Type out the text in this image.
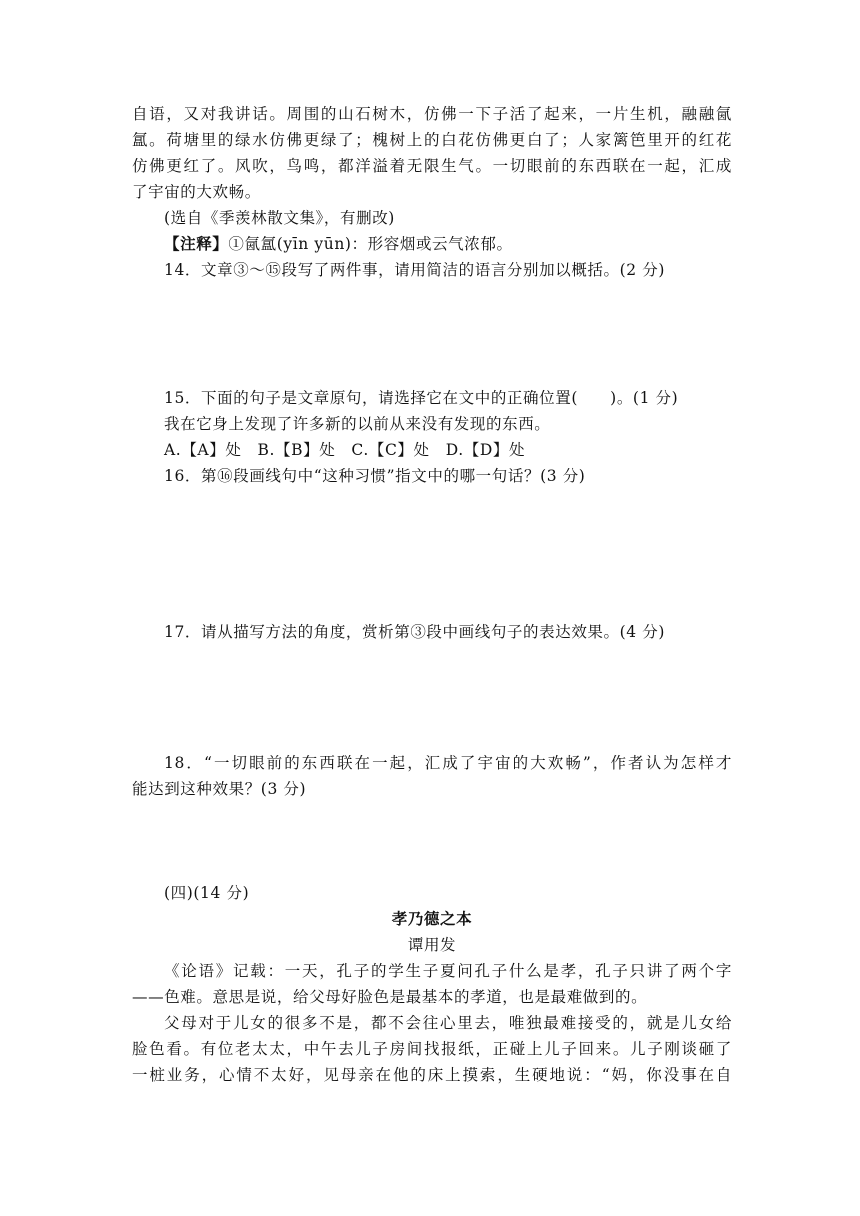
自语，又对我讲话。周围的山石树木，仿佛一下子活了起来，一片生机，融融氤
氲。荷塘里的绿水仿佛更绿了；槐树上的白花仿佛更白了；人家篱笆里开的红花
仿佛更红了。风吹，鸟鸣，都洋溢着无限生气。一切眼前的东西联在一起，汇成
了宇宙的大欢畅。
(选自《季羡林散文集》，有删改)
【注释】①氤氲(yīn yūn)：形容烟或云气浓郁。
14．文章③～⑮段写了两件事，请用简洁的语言分别加以概括。(2 分)
15．下面的句子是文章原句，请选择它在文中的正确位置(　　)。(1 分)
我在它身上发现了许多新的以前从来没有发现的东西。
A.【A】处　B.【B】处　C.【C】处　D.【D】处
16．第⑯段画线句中“这种习惯”指文中的哪一句话？(3 分)
17．请从描写方法的角度，赏析第③段中画线句子的表达效果。(4 分)
18．“一切眼前的东西联在一起，汇成了宇宙的大欢畅”，作者认为怎样才
能达到这种效果？(3 分)
(四)(14 分)
孝乃德之本
谭用发
《论语》记载：一天，孔子的学生子夏问孔子什么是孝，孔子只讲了两个字
——色难。意思是说，给父母好脸色是最基本的孝道，也是最难做到的。
父母对于儿女的很多不是，都不会往心里去，唯独最难接受的，就是儿女给
脸色看。有位老太太，中午去儿子房间找报纸，正碰上儿子回来。儿子刚谈砸了
一桩业务，心情不太好，见母亲在他的床上摸索，生硬地说：“妈，你没事在自
